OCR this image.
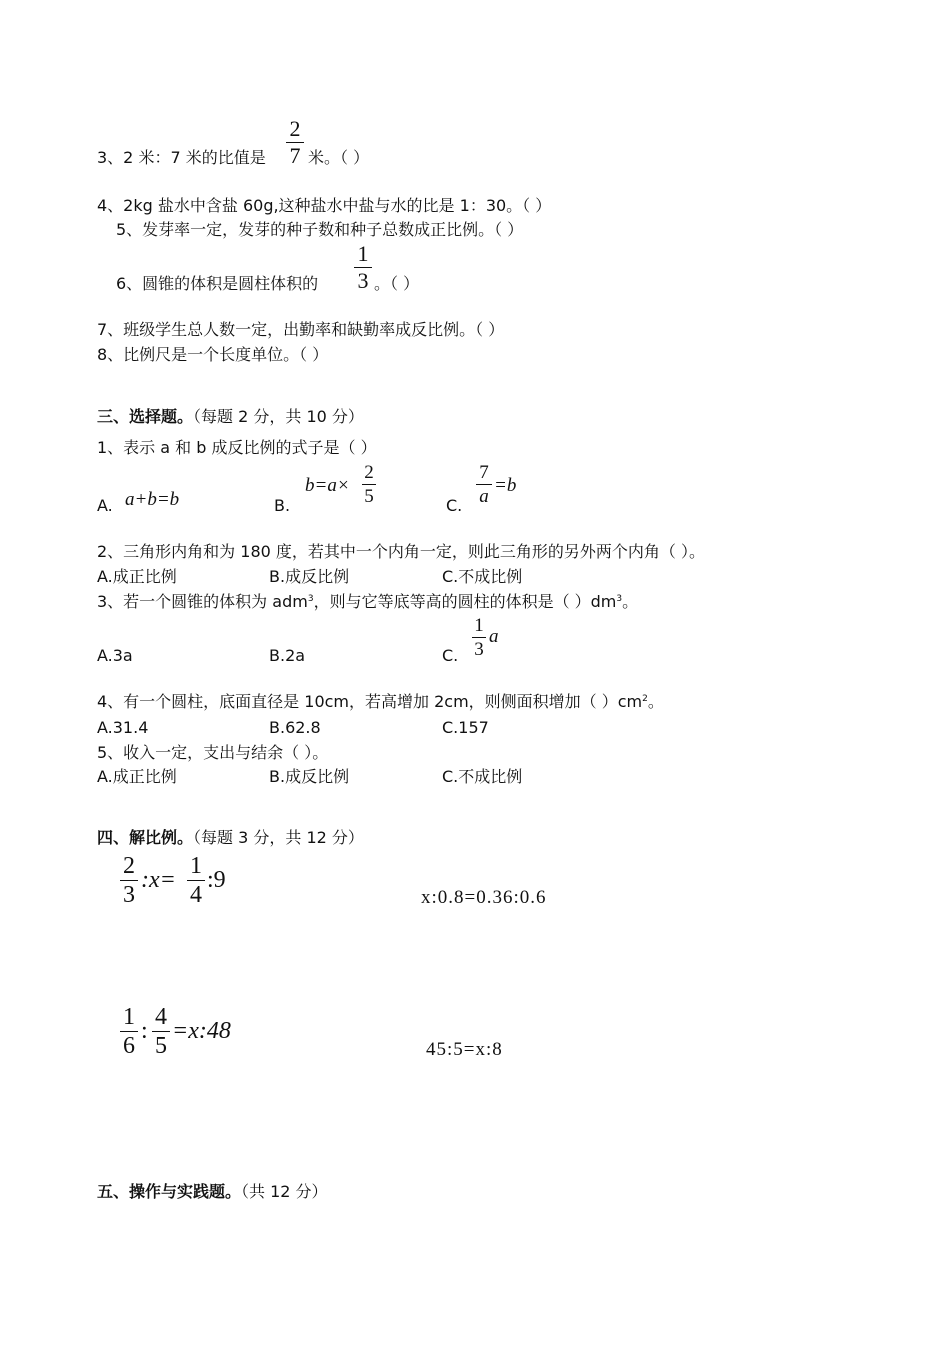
3、2 米：7 米的比值是
2
7 米。（ ）
4、2kg 盐水中含盐 60g,这种盐水中盐与水的比是 1：30。（ ）
5、发芽率一定，发芽的种子数和种子总数成正比例。（ ）
6、圆锥的体积是圆柱体积的
1
3 。（ ）
7、班级学生总人数一定，出勤率和缺勤率成反比例。（ ）
8、比例尺是一个长度单位。（ ）
三、选择题。（每题 2 分，共 10 分）
1、表示 a 和 b 成反比例的式子是（ ）
A. a+b=b	B.
b=a×
2
5	C.
7
a
=b
2、三角形内角和为 180 度，若其中一个内角一定，则此三角形的另外两个内角（ ）。
A.成正比例	B.成反比例	C.不成比例
3、若一个圆锥的体积为 adm$^3$，则与它等底等高的圆柱的体积是（ ）$dm^3$。
A.3a	B.2a	C.
1
3
a
4、有一个圆柱，底面直径是 10cm，若高增加 2cm，则侧面积增加（ ）$cm^2$。
A.31.4	B.62.8	C.157
5、收入一定，支出与结余（ ）。
A.成正比例	B.成反比例	C.不成比例
四、解比例。（每题 3 分，共 12 分）
2
3
:x=
1
4
:9
x:0.8=0.36:0.6
1
6
:
4
5
=x:48
45:5=x:8
五、操作与实践题。（共 12 分）
